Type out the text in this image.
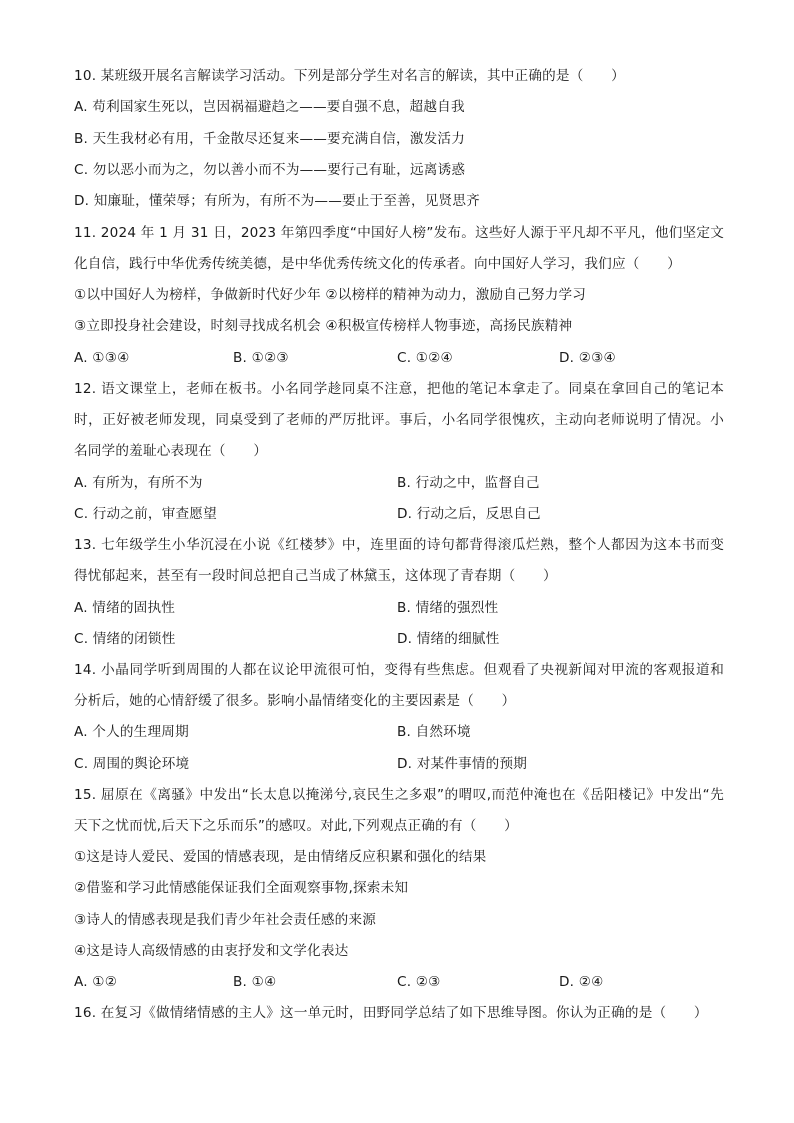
10. 某班级开展名言解读学习活动。下列是部分学生对名言的解读，其中正确的是（　　）
A. 苟利国家生死以，岂因祸福避趋之——要自强不息，超越自我
B. 天生我材必有用，千金散尽还复来——要充满自信，激发活力
C. 勿以恶小而为之，勿以善小而不为——要行己有耻，远离诱惑
D. 知廉耻，懂荣辱；有所为，有所不为——要止于至善，见贤思齐
11. 2024 年 1 月 31 日，2023 年第四季度“中国好人榜”发布。这些好人源于平凡却不平凡，他们坚定文
化自信，践行中华优秀传统美德，是中华优秀传统文化的传承者。向中国好人学习，我们应（　　）
①以中国好人为榜样，争做新时代好少年 ②以榜样的精神为动力，激励自己努力学习
③立即投身社会建设，时刻寻找成名机会 ④积极宣传榜样人物事迹，高扬民族精神
A. ①③④	B. ①②③	C. ①②④	D. ②③④
12. 语文课堂上，老师在板书。小名同学趁同桌不注意，把他的笔记本拿走了。同桌在拿回自己的笔记本
时，正好被老师发现，同桌受到了老师的严厉批评。事后，小名同学很愧疚，主动向老师说明了情况。小
名同学的羞耻心表现在（　　）
A. 有所为，有所不为	B. 行动之中，监督自己
C. 行动之前，审查愿望	D. 行动之后，反思自己
13. 七年级学生小华沉浸在小说《红楼梦》中，连里面的诗句都背得滚瓜烂熟，整个人都因为这本书而变
得忧郁起来，甚至有一段时间总把自己当成了林黛玉，这体现了青春期（　　）
A. 情绪的固执性	B. 情绪的强烈性
C. 情绪的闭锁性	D. 情绪的细腻性
14. 小晶同学听到周围的人都在议论甲流很可怕，变得有些焦虑。但观看了央视新闻对甲流的客观报道和
分析后，她的心情舒缓了很多。影响小晶情绪变化的主要因素是（　　）
A. 个人的生理周期	B. 自然环境
C. 周围的舆论环境	D. 对某件事情的预期
15. 屈原在《离骚》中发出“长太息以掩涕兮,哀民生之多艰”的喟叹,而范仲淹也在《岳阳楼记》中发出“先
天下之忧而忧,后天下之乐而乐”的感叹。对此,下列观点正确的有（　　）
①这是诗人爱民、爱国的情感表现，是由情绪反应积累和强化的结果
②借鉴和学习此情感能保证我们全面观察事物,探索未知
③诗人的情感表现是我们青少年社会责任感的来源
④这是诗人高级情感的由衷抒发和文学化表达
A. ①②	B. ①④	C. ②③	D. ②④
16. 在复习《做情绪情感的主人》这一单元时，田野同学总结了如下思维导图。你认为正确的是（　　）
